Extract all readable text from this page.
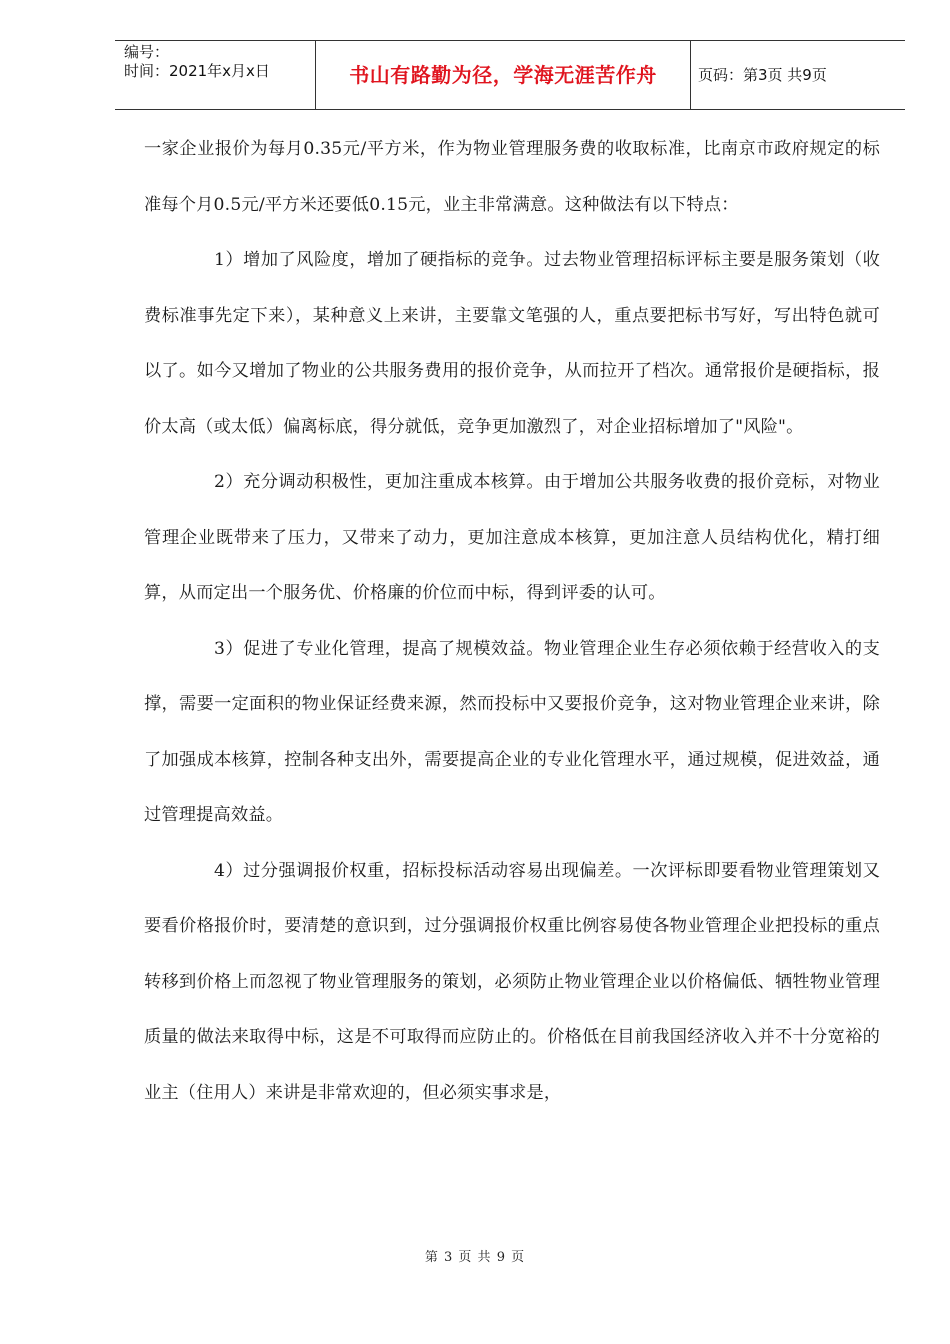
编号：
时间：2021年x月x日	书山有路勤为径，学海无涯苦作舟	页码：第3页 共9页

一家企业报价为每月0.35元/平方米，作为物业管理服务费的收取标准，比南京市政府规定的标准每个月0.5元/平方米还要低0.15元，业主非常满意。这种做法有以下特点：

1）增加了风险度，增加了硬指标的竞争。过去物业管理招标评标主要是服务策划（收费标准事先定下来），某种意义上来讲，主要靠文笔强的人，重点要把标书写好，写出特色就可以了。如今又增加了物业的公共服务费用的报价竞争，从而拉开了档次。通常报价是硬指标，报价太高（或太低）偏离标底，得分就低，竞争更加激烈了，对企业招标增加了"风险"。

2）充分调动积极性，更加注重成本核算。由于增加公共服务收费的报价竞标，对物业管理企业既带来了压力，又带来了动力，更加注意成本核算，更加注意人员结构优化，精打细算，从而定出一个服务优、价格廉的价位而中标，得到评委的认可。

3）促进了专业化管理，提高了规模效益。物业管理企业生存必须依赖于经营收入的支撑，需要一定面积的物业保证经费来源，然而投标中又要报价竞争，这对物业管理企业来讲，除了加强成本核算，控制各种支出外，需要提高企业的专业化管理水平，通过规模，促进效益，通过管理提高效益。

4）过分强调报价权重，招标投标活动容易出现偏差。一次评标即要看物业管理策划又要看价格报价时，要清楚的意识到，过分强调报价权重比例容易使各物业管理企业把投标的重点转移到价格上而忽视了物业管理服务的策划，必须防止物业管理企业以价格偏低、牺牲物业管理质量的做法来取得中标，这是不可取得而应防止的。价格低在目前我国经济收入并不十分宽裕的业主（住用人）来讲是非常欢迎的，但必须实事求是，

第 3 页 共 9 页
